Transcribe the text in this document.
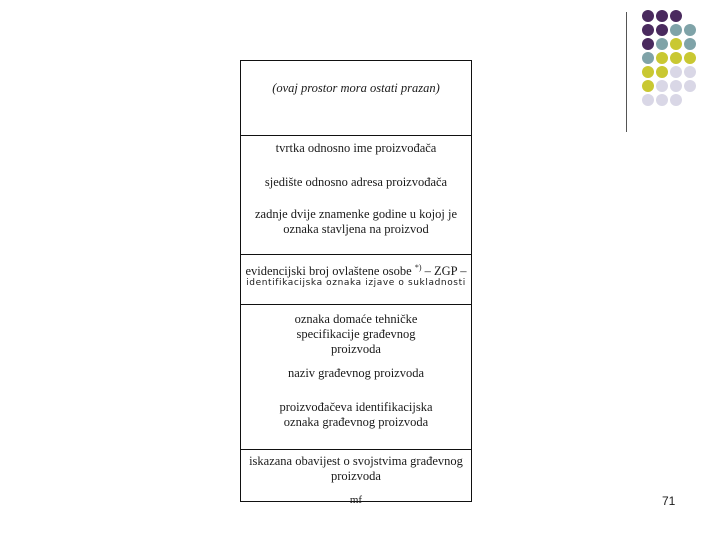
(ovaj prostor mora ostati prazan)
tvrtka odnosno ime proizvođača
sjedište odnosno adresa proizvođača
zadnje dvije znamenke godine u kojoj je oznaka stavljena na proizvod
evidencijski broj ovlaštene osobe *) – ZGP –
identifikacijska oznaka izjave o sukladnosti
oznaka domaće tehničke specifikacije građevnog proizvoda
naziv građevnog proizvoda
proizvođačeva identifikacijska oznaka građevnog proizvoda
iskazana obavijest o svojstvima građevnog proizvoda
mf	71
